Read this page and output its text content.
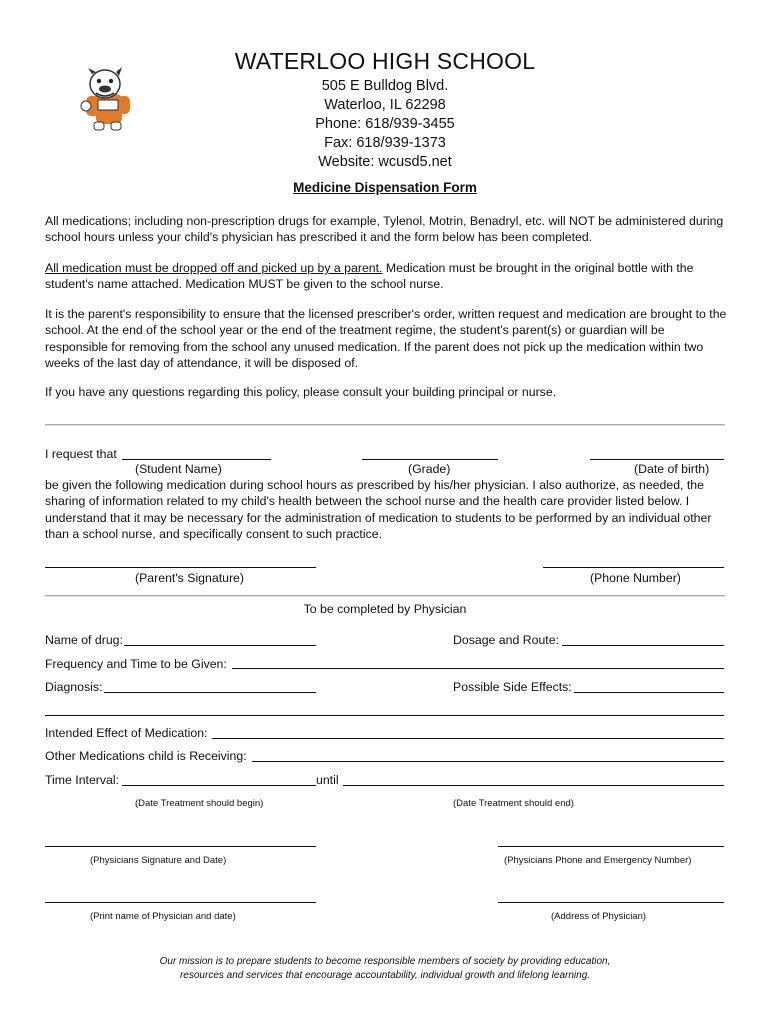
WATERLOO HIGH SCHOOL
505 E Bulldog Blvd.
Waterloo, IL 62298
Phone: 618/939-3455
Fax: 618/939-1373
Website: wcusd5.net
Medicine Dispensation Form
All medications; including non-prescription drugs for example, Tylenol, Motrin, Benadryl, etc. will NOT be administered during school hours unless your child's physician has prescribed it and the form below has been completed.
All medication must be dropped off and picked up by a parent. Medication must be brought in the original bottle with the student's name attached. Medication MUST be given to the school nurse.
It is the parent's responsibility to ensure that the licensed prescriber's order, written request and medication are brought to the school. At the end of the school year or the end of the treatment regime, the student's parent(s) or guardian will be responsible for removing from the school any unused medication. If the parent does not pick up the medication within two weeks of the last day of attendance, it will be disposed of.
If you have any questions regarding this policy, please consult your building principal or nurse.
I request that
(Student Name)	(Grade)	(Date of birth)
be given the following medication during school hours as prescribed by his/her physician. I also authorize, as needed, the sharing of information related to my child's health between the school nurse and the health care provider listed below. I understand that it may be necessary for the administration of medication to students to be performed by an individual other than a school nurse, and specifically consent to such practice.
(Parent's Signature)	(Phone Number)
To be completed by Physician
Name of drug:	Dosage and Route:
Frequency and Time to be Given:
Diagnosis:	Possible Side Effects:
Intended Effect of Medication:
Other Medications child is Receiving:
Time Interval:	until
(Date Treatment should begin)	(Date Treatment should end)
(Physicians Signature and Date)	(Physicians Phone and Emergency Number)
(Print name of Physician and date)	(Address of Physician)
Our mission is to prepare students to become responsible members of society by providing education,
resources and services that encourage accountability, individual growth and lifelong learning.
